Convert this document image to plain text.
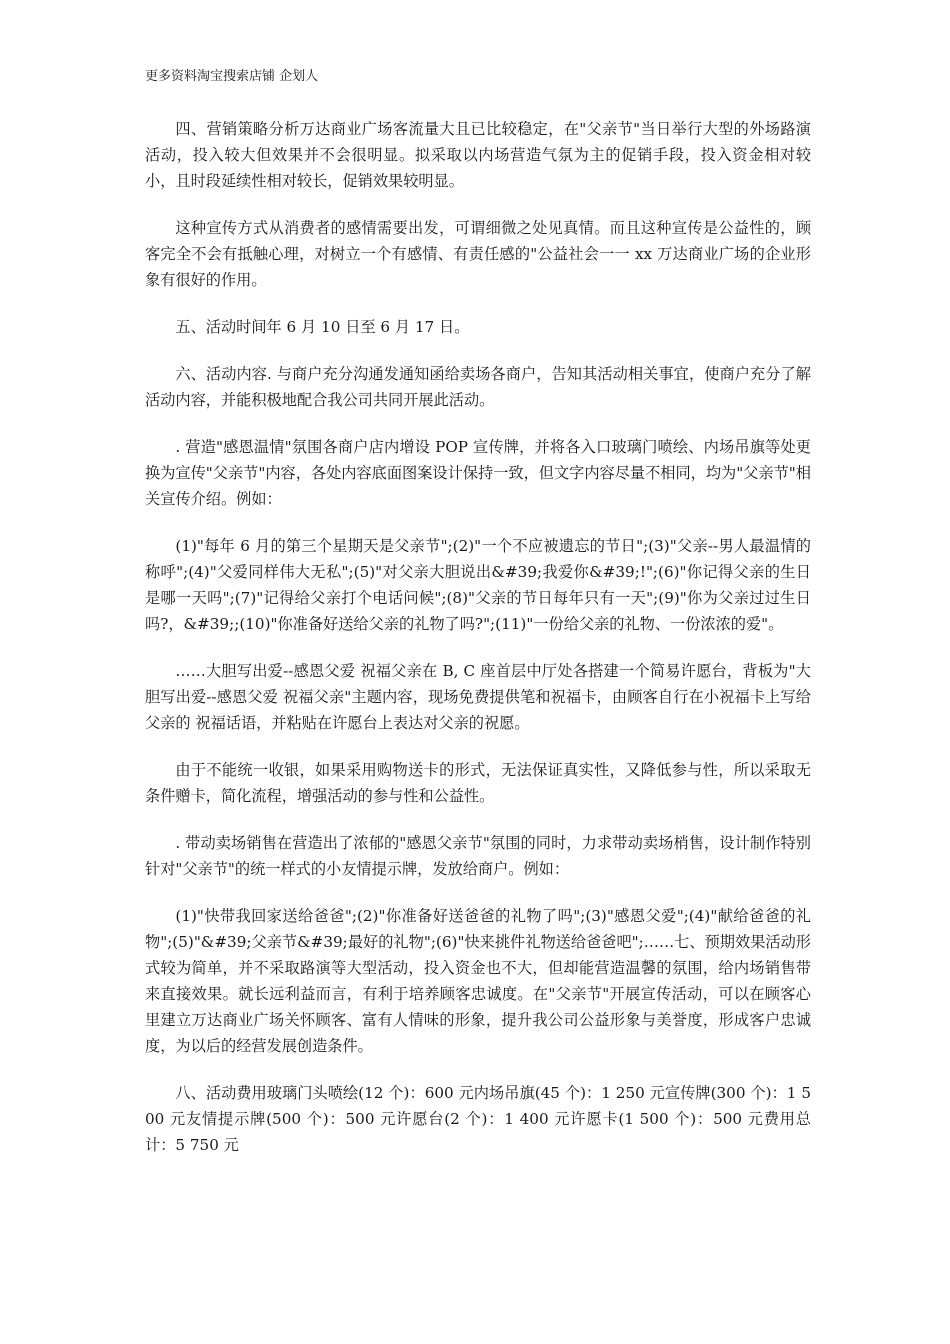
更多资料淘宝搜索店铺 企划人

四、营销策略分析万达商业广场客流量大且已比较稳定，在"父亲节"当日举行大型的外场路演活动，投入较大但效果并不会很明显。拟采取以内场营造气氛为主的促销手段，投入资金相对较小，且时段延续性相对较长，促销效果较明显。

这种宣传方式从消费者的感情需要出发，可谓细微之处见真情。而且这种宣传是公益性的，顾客完全不会有抵触心理，对树立一个有感情、有责任感的"公益社会一一 xx 万达商业广场的企业形象有很好的作用。

五、活动时间年 6 月 10 日至 6 月 17 日。

六、活动内容. 与商户充分沟通发通知函给卖场各商户，告知其活动相关事宜，使商户充分了解活动内容，并能积极地配合我公司共同开展此活动。

. 营造"感恩温情"氛围各商户店内增设 POP 宣传牌，并将各入口玻璃门喷绘、内场吊旗等处更换为宣传"父亲节"内容，各处内容底面图案设计保持一致，但文字内容尽量不相同，均为"父亲节"相关宣传介绍。例如：

(1)"每年 6 月的第三个星期天是父亲节";(2)"一个不应被遗忘的节日";(3)"父亲--男人最温情的称呼";(4)"父爱同样伟大无私";(5)"对父亲大胆说出&#39;我爱你&#39;!";(6)"你记得父亲的生日是哪一天吗";(7)"记得给父亲打个电话问候";(8)"父亲的节日每年只有一天";(9)"你为父亲过过生日吗?，&#39;;(10)"你准备好送给父亲的礼物了吗?";(11)"一份给父亲的礼物、一份浓浓的爱"。

……大胆写出爱--感恩父爱 祝福父亲在 B, C 座首层中厅处各搭建一个简易许愿台，背板为"大胆写出爱--感恩父爱 祝福父亲"主题内容，现场免费提供笔和祝福卡，由顾客自行在小祝福卡上写给父亲的 祝福话语，并粘贴在许愿台上表达对父亲的祝愿。

由于不能统一收银，如果采用购物送卡的形式，无法保证真实性，又降低参与性，所以采取无条件赠卡，简化流程，增强活动的参与性和公益性。

. 带动卖场销售在营造出了浓郁的"感恩父亲节"氛围的同时，力求带动卖场梢售，设计制作特别针对"父亲节"的统一样式的小友情提示牌，发放给商户。例如：

(1)"快带我回家送给爸爸";(2)"你准备好送爸爸的礼物了吗";(3)"感恩父爱";(4)"献给爸爸的礼物";(5)"&#39;父亲节&#39;最好的礼物";(6)"快来挑件礼物送给爸爸吧";……七、预期效果活动形式较为简单，并不采取路演等大型活动，投入资金也不大，但却能营造温馨的氛围，给内场销售带来直接效果。就长远利益而言，有利于培养顾客忠诚度。在"父亲节"开展宣传活动，可以在顾客心里建立万达商业广场关怀顾客、富有人情味的形象，提升我公司公益形象与美誉度，形成客户忠诚度，为以后的经营发展创造条件。

八、活动费用玻璃门头喷绘(12 个)：600 元内场吊旗(45 个)：1 250 元宣传牌(300 个)：1 500 元友情提示牌(500 个)：500 元许愿台(2 个)：1 400 元许愿卡(1 500 个)：500 元费用总计：5 750 元
